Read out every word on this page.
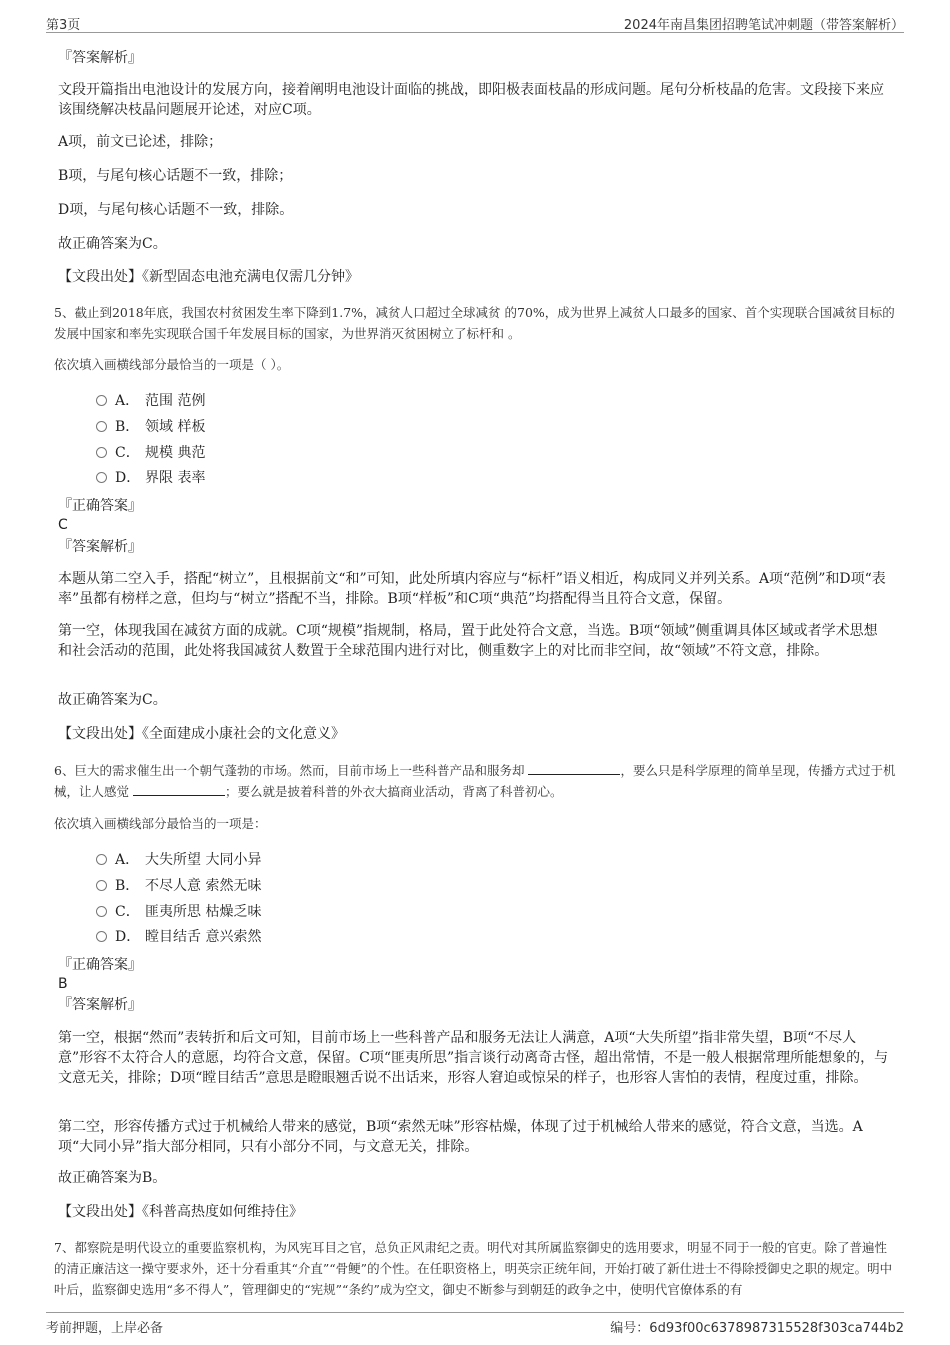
第3页	2024年南昌集团招聘笔试冲刺题（带答案解析）
『答案解析』

文段开篇指出电池设计的发展方向，接着阐明电池设计面临的挑战，即阳极表面枝晶的形成问题。尾句分析枝晶的危害。文段接下来应该围绕解决枝晶问题展开论述，对应C项。

A项，前文已论述，排除；

B项，与尾句核心话题不一致，排除；

D项，与尾句核心话题不一致，排除。

故正确答案为C。

【文段出处】《新型固态电池充满电仅需几分钟》

5、截止到2018年底，我国农村贫困发生率下降到1.7%，减贫人口超过全球减贫 的70%，成为世界上减贫人口最多的国家、首个实现联合国减贫目标的发展中国家和率先实现联合国千年发展目标的国家，为世界消灭贫困树立了标杆和 。

依次填入画横线部分最恰当的一项是（ ）。

A． 范围 范例
B． 领域 样板
C． 规模 典范
D． 界限 表率
『正确答案』
C
『答案解析』

本题从第二空入手，搭配“树立”，且根据前文“和”可知，此处所填内容应与“标杆”语义相近，构成同义并列关系。A项“范例”和D项“表率”虽都有榜样之意，但均与“树立”搭配不当，排除。B项“样板”和C项“典范”均搭配得当且符合文意，保留。

第一空，体现我国在减贫方面的成就。C项“规模”指规制，格局，置于此处符合文意，当选。B项“领域”侧重调具体区域或者学术思想和社会活动的范围，此处将我国减贫人数置于全球范围内进行对比，侧重数字上的对比而非空间，故“领域”不符文意，排除。

故正确答案为C。

【文段出处】《全面建成小康社会的文化意义》

6、巨大的需求催生出一个朝气蓬勃的市场。然而，目前市场上一些科普产品和服务却	，要么只是科学原理的简单呈现，传播方式过于机械，让人感觉	；要么就是披着科普的外衣大搞商业活动，背离了科普初心。

依次填入画横线部分最恰当的一项是：

A． 大失所望 大同小异
B． 不尽人意 索然无味
C． 匪夷所思 枯燥乏味
D． 瞠目结舌 意兴索然
『正确答案』
B
『答案解析』

第一空，根据“然而”表转折和后文可知，目前市场上一些科普产品和服务无法让人满意，A项“大失所望”指非常失望，B项“不尽人意”形容不太符合人的意愿，均符合文意，保留。C项“匪夷所思”指言谈行动离奇古怪，超出常情，不是一般人根据常理所能想象的，与文意无关，排除；D项“瞠目结舌”意思是瞪眼翘舌说不出话来，形容人窘迫或惊呆的样子，也形容人害怕的表情，程度过重，排除。

第二空，形容传播方式过于机械给人带来的感觉，B项“索然无味”形容枯燥，体现了过于机械给人带来的感觉，符合文意，当选。A项“大同小异”指大部分相同，只有小部分不同，与文意无关，排除。

故正确答案为B。

【文段出处】《科普高热度如何维持住》

7、都察院是明代设立的重要监察机构，为风宪耳目之官，总负正风肃纪之责。明代对其所属监察御史的选用要求，明显不同于一般的官吏。除了普遍性的清正廉洁这一操守要求外，还十分看重其“介直”“骨鲠”的个性。在任职资格上，明英宗正统年间，开始打破了新仕进士不得除授御史之职的规定。明中叶后，监察御史选用“多不得人”，管理御史的“宪规”“条约”成为空文，御史不断参与到朝廷的政争之中，使明代官僚体系的有

考前押题，上岸必备	编号：6d93f00c6378987315528f303ca744b2
